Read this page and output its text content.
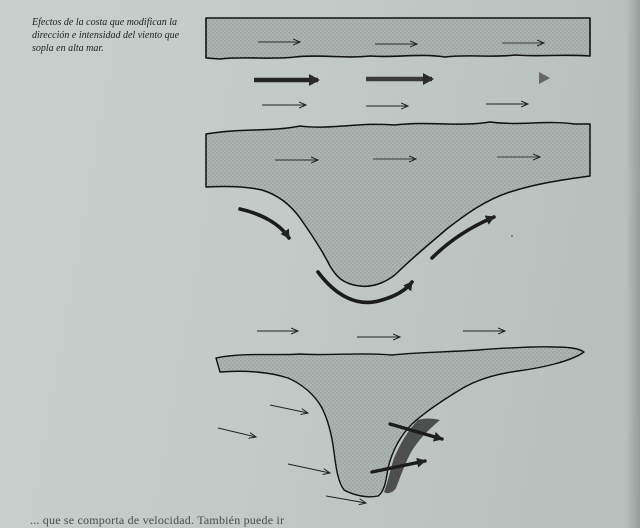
Efectos de la costa que modifican la dirección e intensidad del viento que sopla en alta mar.
... que se comporta de velocidad. También puede ir
